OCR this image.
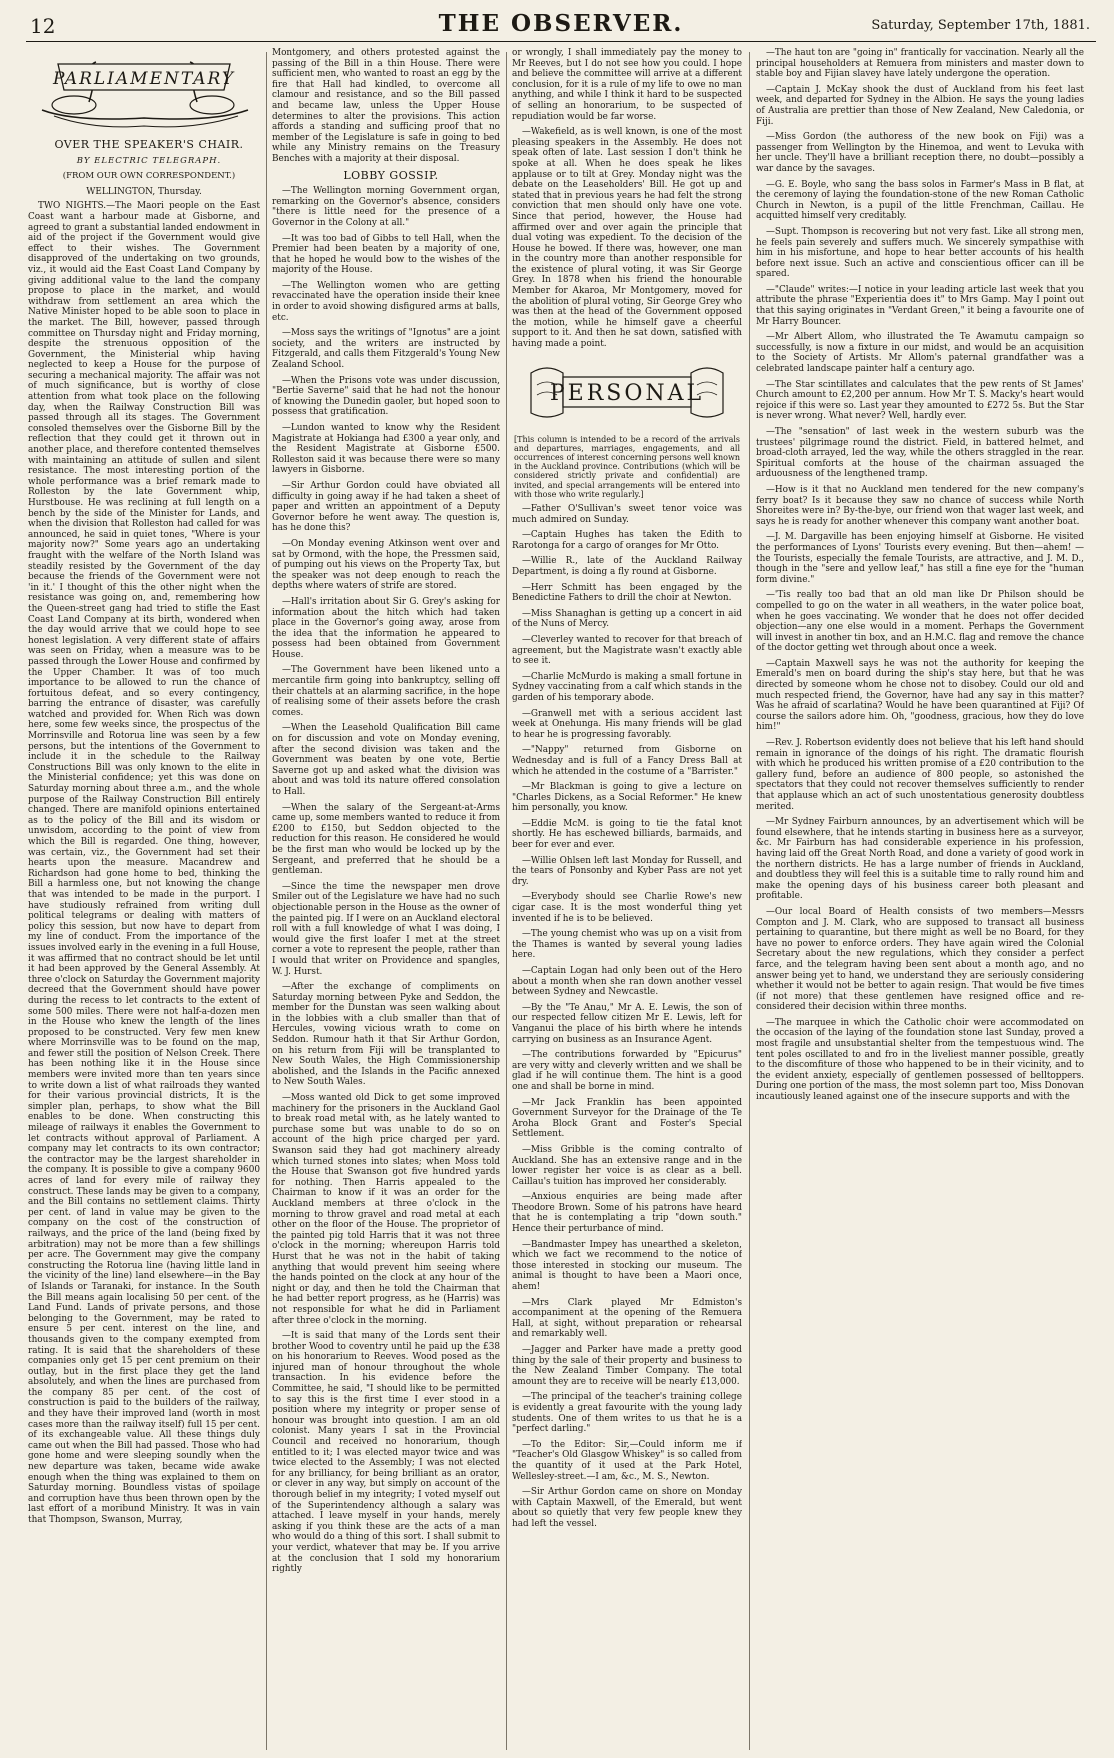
12	THE OBSERVER.	Saturday, September 17th, 1881.
PARLIAMENTARY

OVER THE SPEAKER'S CHAIR.

BY ELECTRIC TELEGRAPH.

(FROM OUR OWN CORRESPONDENT.)

WELLINGTON, Thursday.

TWO NIGHTS.—The Maori people on the East Coast want a harbour made at Gisborne, and agreed to grant a substantial landed endowment in aid of the project if the Government would give effect to their wishes. The Government disapproved of the undertaking on two grounds, viz., it would aid the East Coast Land Company by giving additional value to the land the company propose to place in the market, and would withdraw from settlement an area which the Native Minister hoped to be able soon to place in the market. The Bill, however, passed through committee on Thursday night and Friday morning, despite the strenuous opposition of the Government, the Ministerial whip having neglected to keep a House for the purpose of securing a mechanical majority. The affair was not of much significance, but is worthy of close attention from what took place on the following day, when the Railway Construction Bill was passed through all its stages. The Government consoled themselves over the Gisborne Bill by the reflection that they could get it thrown out in another place, and therefore contented themselves with maintaining an attitude of sullen and silent resistance. The most interesting portion of the whole performance was a brief remark made to Rolleston by the late Government whip, Hurstbouse. He was reclining at full length on a bench by the side of the Minister for Lands, and when the division that Rolleston had called for was announced, he said in quiet tones, "Where is your majority now?" Some years ago an undertaking fraught with the welfare of the North Island was steadily resisted by the Government of the day because the friends of the Government were not 'in it.' I thought of this the other night when the resistance was going on, and, remembering how the Queen-street gang had tried to stifle the East Coast Land Company at its birth, wondered when the day would arrive that we could hope to see honest legislation. A very different state of affairs was seen on Friday, when a measure was to be passed through the Lower House and confirmed by the Upper Chamber. It was of too much importance to be allowed to run the chance of fortuitous defeat, and so every contingency, barring the entrance of disaster, was carefully watched and provided for. When Rich was down here, some few weeks since, the prospectus of the Morrinsville and Rotorua line was seen by a few persons, but the intentions of the Government to include it in the schedule to the Railway Constructions Bill was only known to the elite in the Ministerial confidence; yet this was done on Saturday morning about three a.m., and the whole purpose of the Railway Construction Bill entirely changed. There are manifold opinions entertained as to the policy of the Bill and its wisdom or unwisdom, according to the point of view from which the Bill is regarded. One thing, however, was certain, viz., the Government had set their hearts upon the measure. Macandrew and Richardson had gone home to bed, thinking the Bill a harmless one, but not knowing the change that was intended to be made in the purport. I have studiously refrained from writing dull political telegrams or dealing with matters of policy this session, but now have to depart from my line of conduct. From the importance of the issues involved early in the evening in a full House, it was affirmed that no contract should be let until it had been approved by the General Assembly. At three o'clock on Saturday the Government majority decreed that the Government should have power during the recess to let contracts to the extent of some 500 miles. There were not half-a-dozen men in the House who knew the length of the lines proposed to be constructed. Very few men knew where Morrinsville was to be found on the map, and fewer still the position of Nelson Creek. There has been nothing like it in the House since members were invited more than ten years since to write down a list of what railroads they wanted for their various provincial districts, It is the simpler plan, perhaps, to show what the Bill enables to be done. When constructing this mileage of railways it enables the Government to let contracts without approval of Parliament. A company may let contracts to its own contractor; the contractor may be the largest shareholder in the company. It is possible to give a company 9600 acres of land for every mile of railway they construct. These lands may be given to a company, and the Bill contains no settlement claims. Thirty per cent. of land in value may be given to the company on the cost of the construction of railways, and the price of the land (being fixed by arbitration) may not be more than a few shillings per acre. The Government may give the company constructing the Rotorua line (having little land in the vicinity of the line) land elsewhere—in the Bay of Islands or Taranaki, for instance. In the South the Bill means again localising 50 per cent. of the Land Fund. Lands of private persons, and those belonging to the Government, may be rated to ensure 5 per cent. interest on the line, and thousands given to the company exempted from rating. It is said that the shareholders of these companies only get 15 per cent premium on their outlay, but in the first place they get the land absolutely, and when the lines are purchased from the company 85 per cent. of the cost of construction is paid to the builders of the railway, and they have their improved land (worth in most cases more than the railway itself) full 15 per cent. of its exchangeable value. All these things duly came out when the Bill had passed. Those who had gone home and were sleeping soundly when the new departure was taken, became wide awake enough when the thing was explained to them on Saturday morning. Boundless vistas of spoilage and corruption have thus been thrown open by the last effort of a moribund Ministry. It was in vain that Thompson, Swanson, Murray,

Montgomery, and others protested against the passing of the Bill in a thin House. There were sufficient men, who wanted to roast an egg by the fire that Hall had kindled, to overcome all clamour and resistance, and so the Bill passed and became law, unless the Upper House determines to alter the provisions. This action affords a standing and sufficing proof that no member of the Legislature is safe in going to bed while any Ministry remains on the Treasury Benches with a majority at their disposal.

LOBBY GOSSIP.

—The Wellington morning Government organ, remarking on the Governor's absence, considers "there is little need for the presence of a Governor in the Colony at all."

—It was too bad of Gibbs to tell Hall, when the Premier had been beaten by a majority of one, that he hoped he would bow to the wishes of the majority of the House.

—The Wellington women who are getting revaccinated have the operation inside their knee in order to avoid showing disfigured arms at balls, etc.

—Moss says the writings of "Ignotus" are a joint society, and the writers are instructed by Fitzgerald, and calls them Fitzgerald's Young New Zealand School.

—When the Prisons vote was under discussion, "Bertie Saverne" said that he had not the honour of knowing the Dunedin gaoler, but hoped soon to possess that gratification.

—Lundon wanted to know why the Resident Magistrate at Hokianga had £300 a year only, and the Resident Magistrate at Gisborne £500. Rolleston said it was because there were so many lawyers in Gisborne.

—Sir Arthur Gordon could have obviated all difficulty in going away if he had taken a sheet of paper and written an appointment of a Deputy Governor before he went away. The question is, has he done this?

—On Monday evening Atkinson went over and sat by Ormond, with the hope, the Pressmen said, of pumping out his views on the Property Tax, but the speaker was not deep enough to reach the depths where waters of strife are stored.

—Hall's irritation about Sir G. Grey's asking for information about the hitch which had taken place in the Governor's going away, arose from the idea that the information he appeared to possess had been obtained from Government House.

—The Government have been likened unto a mercantile firm going into bankruptcy, selling off their chattels at an alarming sacrifice, in the hope of realising some of their assets before the crash comes.

—When the Leasehold Qualification Bill came on for discussion and vote on Monday evening, after the second division was taken and the Government was beaten by one vote, Bertie Saverne got up and asked what the division was about and was told its nature offered consolation to Hall.

—When the salary of the Sergeant-at-Arms came up, some members wanted to reduce it from £200 to £150, but Seddon objected to the reduction for this reason. He considered he would be the first man who would be locked up by the Sergeant, and preferred that he should be a gentleman.

—Since the time the newspaper men drove Smiler out of the Legislature we have had no such objectionable person in the House as the owner of the painted pig. If I were on an Auckland electoral roll with a full knowledge of what I was doing, I would give the first loafer I met at the street corner a vote to represent the people, rather than I would that writer on Providence and spangles, W. J. Hurst.

—After the exchange of compliments on Saturday morning between Pyke and Seddon, the member for the Dunstan was seen walking about in the lobbies with a club smaller than that of Hercules, vowing vicious wrath to come on Seddon. Rumour hath it that Sir Arthur Gordon, on his return from Fiji will be transplanted to New South Wales, the High Commissionership abolished, and the Islands in the Pacific annexed to New South Wales.

—Moss wanted old Dick to get some improved machinery for the prisoners in the Auckland Gaol to break road metal with, as he lately wanted to purchase some but was unable to do so on account of the high price charged per yard. Swanson said they had got machinery already which turned stones into slates; when Moss told the House that Swanson got five hundred yards for nothing. Then Harris appealed to the Chairman to know if it was an order for the Auckland members at three o'clock in the morning to throw gravel and road metal at each other on the floor of the House. The proprietor of the painted pig told Harris that it was not three o'clock in the morning; whereupon Harris told Hurst that he was not in the habit of taking anything that would prevent him seeing where the hands pointed on the clock at any hour of the night or day, and then he told the Chairman that he had better report progress, as he (Harris) was not responsible for what he did in Parliament after three o'clock in the morning.

—It is said that many of the Lords sent their brother Wood to coventry until he paid up the £38 on his honorarium to Reeves. Wood posed as the injured man of honour throughout the whole transaction. In his evidence before the Committee, he said, "I should like to be permitted to say this is the first time I ever stood in a position where my integrity or proper sense of honour was brought into question. I am an old colonist. Many years I sat in the Provincial Council and received no honorarium, though entitled to it; I was elected mayor twice and was twice elected to the Assembly; I was not elected for any brilliancy, for being brilliant as an orator, or clever in any way, but simply on account of the thorough belief in my integrity; I voted myself out of the Superintendency although a salary was attached. I leave myself in your hands, merely asking if you think these are the acts of a man who would do a thing of this sort. I shall submit to your verdict, whatever that may be. If you arrive at the conclusion that I sold my honorarium rightly

or wrongly, I shall immediately pay the money to Mr Reeves, but I do not see how you could. I hope and believe the committee will arrive at a different conclusion, for it is a rule of my life to owe no man anything, and while I think it hard to be suspected of selling an honorarium, to be suspected of repudiation would be far worse.

—Wakefield, as is well known, is one of the most pleasing speakers in the Assembly. He does not speak often of late. Last session I don't think he spoke at all. When he does speak he likes applause or to tilt at Grey. Monday night was the debate on the Leaseholders' Bill. He got up and stated that in previous years he had felt the strong conviction that men should only have one vote. Since that period, however, the House had affirmed over and over again the principle that dual voting was expedient. To the decision of the House he bowed. If there was, however, one man in the country more than another responsible for the existence of plural voting, it was Sir George Grey. In 1878 when his friend the honourable Member for Akaroa, Mr Montgomery, moved for the abolition of plural voting, Sir George Grey who was then at the head of the Government opposed the motion, while he himself gave a cheerful support to it. And then he sat down, satisfied with having made a point.

PERSONAL

[This column is intended to be a record of the arrivals and departures, marriages, engagements, and all occurrences of interest concerning persons well known in the Auckland province. Contributions (which will be considered strictly private and confidential) are invited, and special arrangements will be entered into with those who write regularly.]

—Father O'Sullivan's sweet tenor voice was much admired on Sunday.

—Captain Hughes has taken the Edith to Rarotonga for a cargo of oranges for Mr Otto.

—Willie R., late of the Auckland Railway Department, is doing a fly round at Gisborne.

—Herr Schmitt has been engaged by the Benedictine Fathers to drill the choir at Newton.

—Miss Shanaghan is getting up a concert in aid of the Nuns of Mercy.

—Cleverley wanted to recover for that breach of agreement, but the Magistrate wasn't exactly able to see it.

—Charlie McMurdo is making a small fortune in Sydney vaccinating from a calf which stands in the garden of his temporary abode.

—Granwell met with a serious accident last week at Onehunga. His many friends will be glad to hear he is progressing favorably.

—"Nappy" returned from Gisborne on Wednesday and is full of a Fancy Dress Ball at which he attended in the costume of a "Barrister."

—Mr Blackman is going to give a lecture on "Charles Dickens, as a Social Reformer." He knew him personally, you know.

—Eddie McM. is going to tie the fatal knot shortly. He has eschewed billiards, barmaids, and beer for ever and ever.

—Willie Ohlsen left last Monday for Russell, and the tears of Ponsonby and Kyber Pass are not yet dry.

—Everybody should see Charlie Rowe's new cigar case. It is the most wonderful thing yet invented if he is to be believed.

—The young chemist who was up on a visit from the Thames is wanted by several young ladies here.

—Captain Logan had only been out of the Hero about a month when she ran down another vessel between Sydney and Newcastle.

—By the "Te Anau," Mr A. E. Lewis, the son of our respected fellow citizen Mr E. Lewis, left for Vanganui the place of his birth where he intends carrying on business as an Insurance Agent.

—The contributions forwarded by "Epicurus" are very witty and cleverly written and we shall be glad if he will continue them. The hint is a good one and shall be borne in mind.

—Mr Jack Franklin has been appointed Government Surveyor for the Drainage of the Te Aroha Block Grant and Foster's Special Settlement.

—Miss Gribble is the coming contralto of Auckland. She has an extensive range and in the lower register her voice is as clear as a bell. Caillau's tuition has improved her considerably.

—Anxious enquiries are being made after Theodore Brown. Some of his patrons have heard that he is contemplating a trip "down south." Hence their perturbance of mind.

—Bandmaster Impey has unearthed a skeleton, which we fact we recommend to the notice of those interested in stocking our museum. The animal is thought to have been a Maori once, ahem!

—Mrs Clark played Mr Edmiston's accompaniment at the opening of the Remuera Hall, at sight, without preparation or rehearsal and remarkably well.

—Jagger and Parker have made a pretty good thing by the sale of their property and business to the New Zealand Timber Company. The total amount they are to receive will be nearly £13,000.

—The principal of the teacher's training college is evidently a great favourite with the young lady students. One of them writes to us that he is a "perfect darling."

—To the Editor: Sir,—Could inform me if "Teacher's Old Glasgow Whiskey" is so called from the quantity of it used at the Park Hotel, Wellesley-street.—I am, &c., M. S., Newton.

—Sir Arthur Gordon came on shore on Monday with Captain Maxwell, of the Emerald, but went about so quietly that very few people knew they had left the vessel.

—The haut ton are "going in" frantically for vaccination. Nearly all the principal householders at Remuera from ministers and master down to stable boy and Fijian slavey have lately undergone the operation.

—Captain J. McKay shook the dust of Auckland from his feet last week, and departed for Sydney in the Albion. He says the young ladies of Australia are prettier than those of New Zealand, New Caledonia, or Fiji.

—Miss Gordon (the authoress of the new book on Fiji) was a passenger from Wellington by the Hinemoa, and went to Levuka with her uncle. They'll have a brilliant reception there, no doubt—possibly a war dance by the savages.

—G. E. Boyle, who sang the bass solos in Farmer's Mass in B flat, at the ceremony of laying the foundation-stone of the new Roman Catholic Church in Newton, is a pupil of the little Frenchman, Caillau. He acquitted himself very creditably.

—Supt. Thompson is recovering but not very fast. Like all strong men, he feels pain severely and suffers much. We sincerely sympathise with him in his misfortune, and hope to hear better accounts of his health before next issue. Such an active and conscientious officer can ill be spared.

—"Claude" writes:—I notice in your leading article last week that you attribute the phrase "Experientia does it" to Mrs Gamp. May I point out that this saying originates in "Verdant Green," it being a favourite one of Mr Harry Bouncer.

—Mr Albert Allom, who illustrated the Te Awamutu campaign so successfully, is now a fixture in our midst, and would be an acquisition to the Society of Artists. Mr Allom's paternal grandfather was a celebrated landscape painter half a century ago.

—The Star scintillates and calculates that the pew rents of St James' Church amount to £2,200 per annum. How Mr T. S. Macky's heart would rejoice if this were so. Last year they amounted to £272 5s. But the Star is never wrong. What never? Well, hardly ever.

—The "sensation" of last week in the western suburb was the trustees' pilgrimage round the district. Field, in battered helmet, and broad-cloth arrayed, led the way, while the others straggled in the rear. Spiritual comforts at the house of the chairman assuaged the arduousness of the lengthened tramp.

—How is it that no Auckland men tendered for the new company's ferry boat? Is it because they saw no chance of success while North Shoreites were in? By-the-bye, our friend won that wager last week, and says he is ready for another whenever this company want another boat.

—J. M. Dargaville has been enjoying himself at Gisborne. He visited the performances of Lyons' Tourists every evening. But then—ahem! —the Tourists, especially the female Tourists, are attractive, and J. M. D., though in the "sere and yellow leaf," has still a fine eye for the "human form divine."

—'Tis really too bad that an old man like Dr Philson should be compelled to go on the water in all weathers, in the water police boat, when he goes vaccinating. We wonder that he does not offer decided objection—any one else would in a moment. Perhaps the Government will invest in another tin box, and an H.M.C. flag and remove the chance of the doctor getting wet through about once a week.

—Captain Maxwell says he was not the authority for keeping the Emerald's men on board during the ship's stay here, but that he was directed by someone whom he chose not to disobey. Could our old and much respected friend, the Governor, have had any say in this matter? Was he afraid of scarlatina? Would he have been quarantined at Fiji? Of course the sailors adore him. Oh, "goodness, gracious, how they do love him!"

—Rev. J. Robertson evidently does not believe that his left hand should remain in ignorance of the doings of his right. The dramatic flourish with which he produced his written promise of a £20 contribution to the gallery fund, before an audience of 800 people, so astonished the spectators that they could not recover themselves sufficiently to render that applause which an act of such unostentatious generosity doubtless merited.

—Mr Sydney Fairburn announces, by an advertisement which will be found elsewhere, that he intends starting in business here as a surveyor, &c. Mr Fairburn has had considerable experience in his profession, having laid off the Great North Road, and done a variety of good work in the northern districts. He has a large number of friends in Auckland, and doubtless they will feel this is a suitable time to rally round him and make the opening days of his business career both pleasant and profitable.

—Our local Board of Health consists of two members—Messrs Compton and J. M. Clark, who are supposed to transact all business pertaining to quarantine, but there might as well be no Board, for they have no power to enforce orders. They have again wired the Colonial Secretary about the new regulations, which they consider a perfect farce, and the telegram having been sent about a month ago, and no answer being yet to hand, we understand they are seriously considering whether it would not be better to again resign. That would be five times (if not more) that these gentlemen have resigned office and re-considered their decision within three months.

—The marquee in which the Catholic choir were accommodated on the occasion of the laying of the foundation stone last Sunday, proved a most fragile and unsubstantial shelter from the tempestuous wind. The tent poles oscillated to and fro in the liveliest manner possible, greatly to the discomfiture of those who happened to be in their vicinity, and to the evident anxiety, especially of gentlemen possessed of belltoppers. During one portion of the mass, the most solemn part too, Miss Donovan incautiously leaned against one of the insecure supports and with the
